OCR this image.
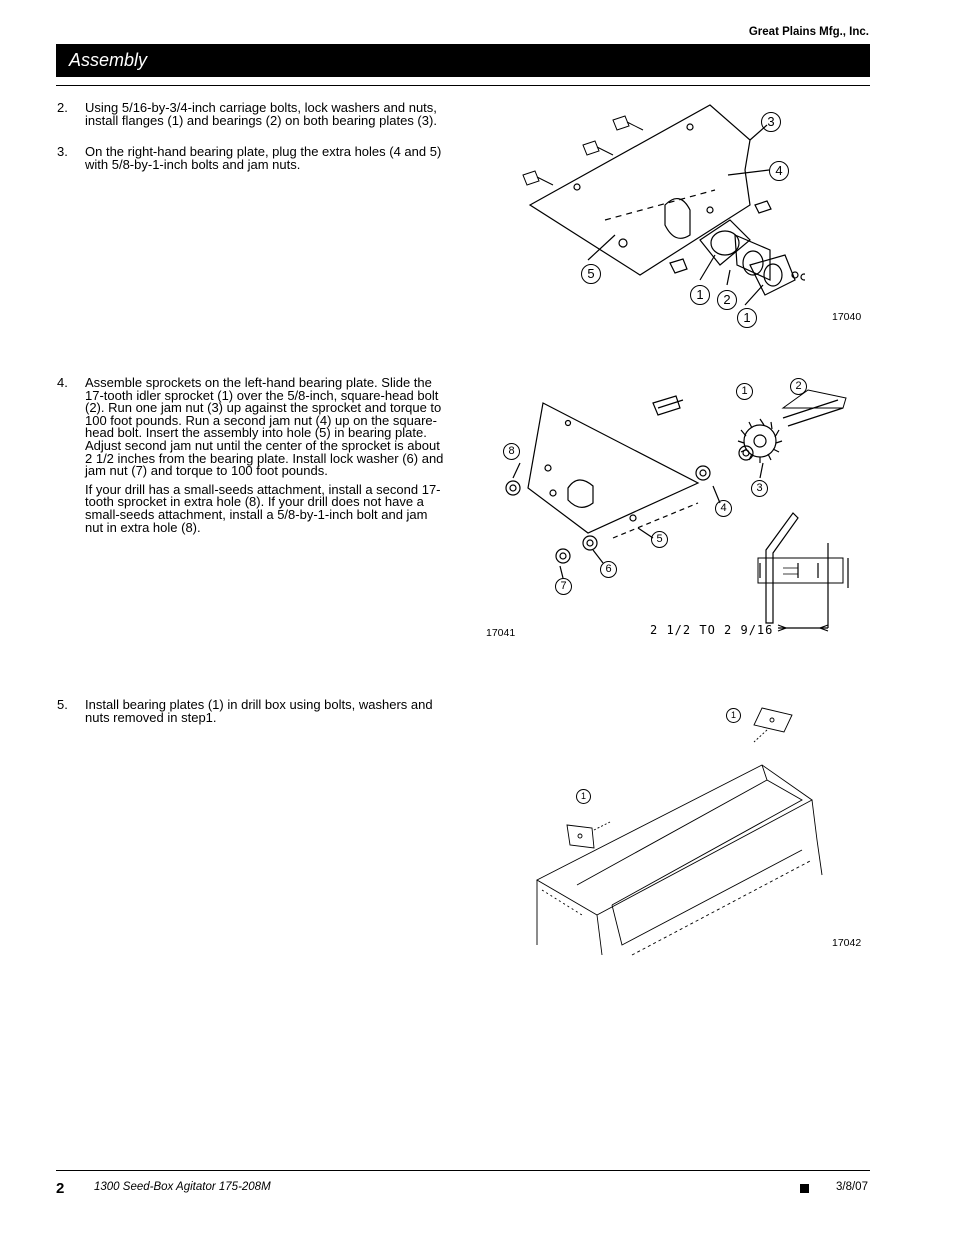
Great Plains Mfg., Inc.
Assembly
2. Using 5/16-by-3/4-inch carriage bolts, lock washers and nuts, install flanges (1) and bearings (2) on both bearing plates (3).

3. On the right-hand bearing plate, plug the extra holes (4 and 5) with 5/8-by-1-inch bolts and jam nuts.

4. Assemble sprockets on the left-hand bearing plate. Slide the 17-tooth idler sprocket (1) over the 5/8-inch, square-head bolt (2). Run one jam nut (3) up against the sprocket and torque to 100 foot pounds. Run a second jam nut (4) up on the square-head bolt. Insert the assembly into hole (5) in bearing plate. Adjust second jam nut until the center of the sprocket is about 2 1/2 inches from the bearing plate. Install lock washer (6) and jam nut (7) and torque to 100 foot pounds.

If your drill has a small-seeds attachment, install a second 17-tooth sprocket in extra hole (8). If your drill does not have a small-seeds attachment, install a 5/8-by-1-inch bolt and jam nut in extra hole (8).

5. Install bearing plates (1) in drill box using bolts, washers and nuts removed in step1.

3
4
5
1	2
1	17040
1	2
3
4
5
6
7
8
2 1/2 TO 2 9/16
17041
1
1
17042
2	1300 Seed-Box Agitator 175-208M	3/8/07
